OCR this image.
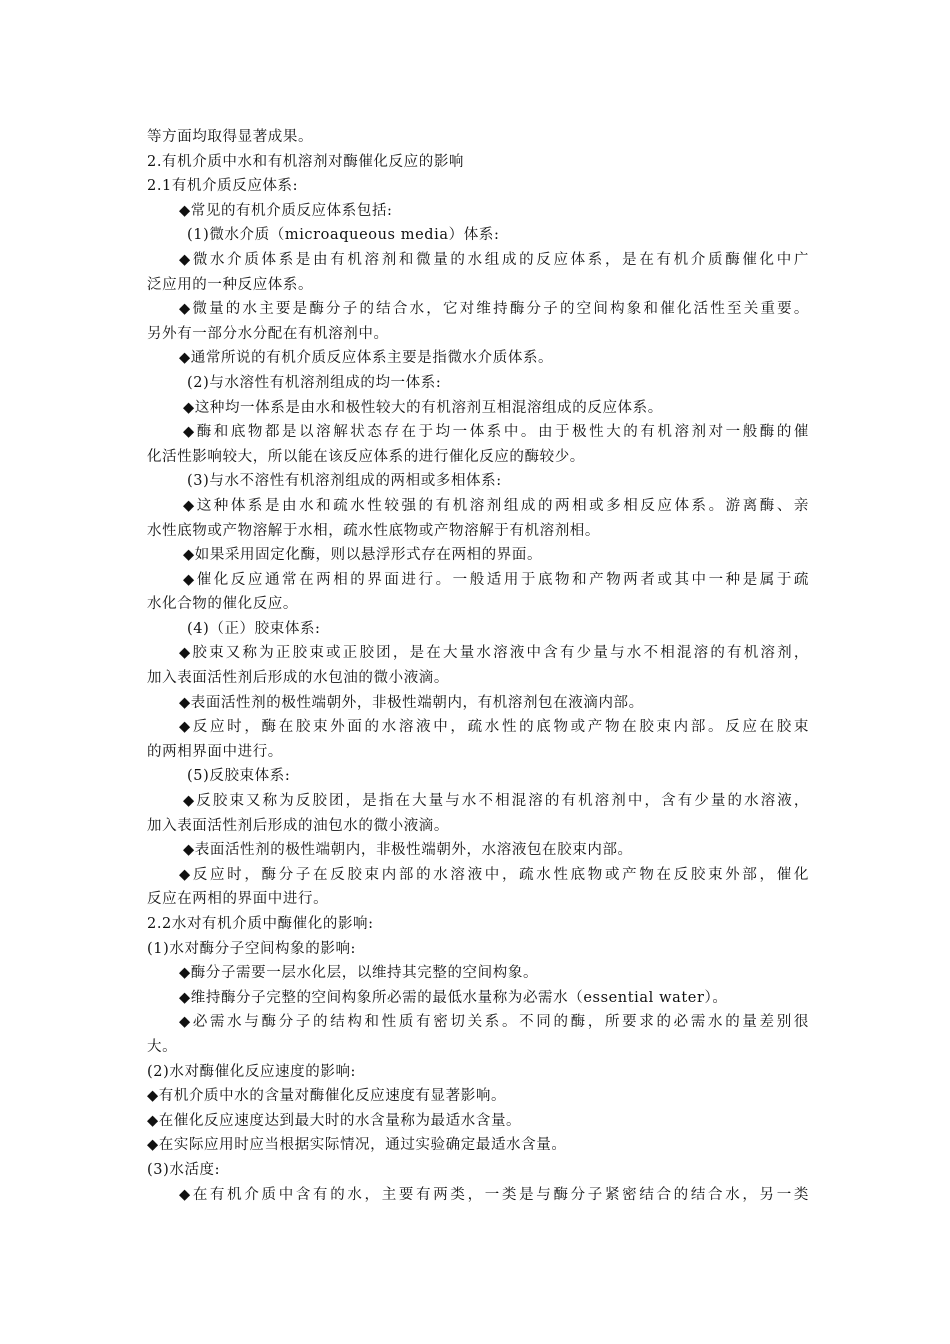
等方面均取得显著成果。

2.有机介质中水和有机溶剂对酶催化反应的影响

2.1有机介质反应体系:

◆常见的有机介质反应体系包括:

(1)微水介质（microaqueous media）体系:

◆微水介质体系是由有机溶剂和微量的水组成的反应体系，是在有机介质酶催化中广

泛应用的一种反应体系。

◆微量的水主要是酶分子的结合水，它对维持酶分子的空间构象和催化活性至关重要。

另外有一部分水分配在有机溶剂中。

◆通常所说的有机介质反应体系主要是指微水介质体系。

(2)与水溶性有机溶剂组成的均一体系:

◆这种均一体系是由水和极性较大的有机溶剂互相混溶组成的反应体系。

◆酶和底物都是以溶解状态存在于均一体系中。由于极性大的有机溶剂对一般酶的催

化活性影响较大，所以能在该反应体系的进行催化反应的酶较少。

(3)与水不溶性有机溶剂组成的两相或多相体系:

◆这种体系是由水和疏水性较强的有机溶剂组成的两相或多相反应体系。游离酶、亲

水性底物或产物溶解于水相，疏水性底物或产物溶解于有机溶剂相。

◆如果采用固定化酶，则以悬浮形式存在两相的界面。

◆催化反应通常在两相的界面进行。一般适用于底物和产物两者或其中一种是属于疏

水化合物的催化反应。

(4)（正）胶束体系:

◆胶束又称为正胶束或正胶团，是在大量水溶液中含有少量与水不相混溶的有机溶剂，

加入表面活性剂后形成的水包油的微小液滴。

◆表面活性剂的极性端朝外，非极性端朝内，有机溶剂包在液滴内部。

◆反应时，酶在胶束外面的水溶液中，疏水性的底物或产物在胶束内部。反应在胶束

的两相界面中进行。

(5)反胶束体系:

◆反胶束又称为反胶团，是指在大量与水不相混溶的有机溶剂中，含有少量的水溶液，

加入表面活性剂后形成的油包水的微小液滴。

◆表面活性剂的极性端朝内，非极性端朝外，水溶液包在胶束内部。

◆反应时，酶分子在反胶束内部的水溶液中，疏水性底物或产物在反胶束外部，催化

反应在两相的界面中进行。

2.2水对有机介质中酶催化的影响:

(1)水对酶分子空间构象的影响:

◆酶分子需要一层水化层，以维持其完整的空间构象。

◆维持酶分子完整的空间构象所必需的最低水量称为必需水（essential water）。

◆必需水与酶分子的结构和性质有密切关系。不同的酶，所要求的必需水的量差别很

大。

(2)水对酶催化反应速度的影响:

◆有机介质中水的含量对酶催化反应速度有显著影响。

◆在催化反应速度达到最大时的水含量称为最适水含量。

◆在实际应用时应当根据实际情况，通过实验确定最适水含量。

(3)水活度:

◆在有机介质中含有的水，主要有两类，一类是与酶分子紧密结合的结合水，另一类
